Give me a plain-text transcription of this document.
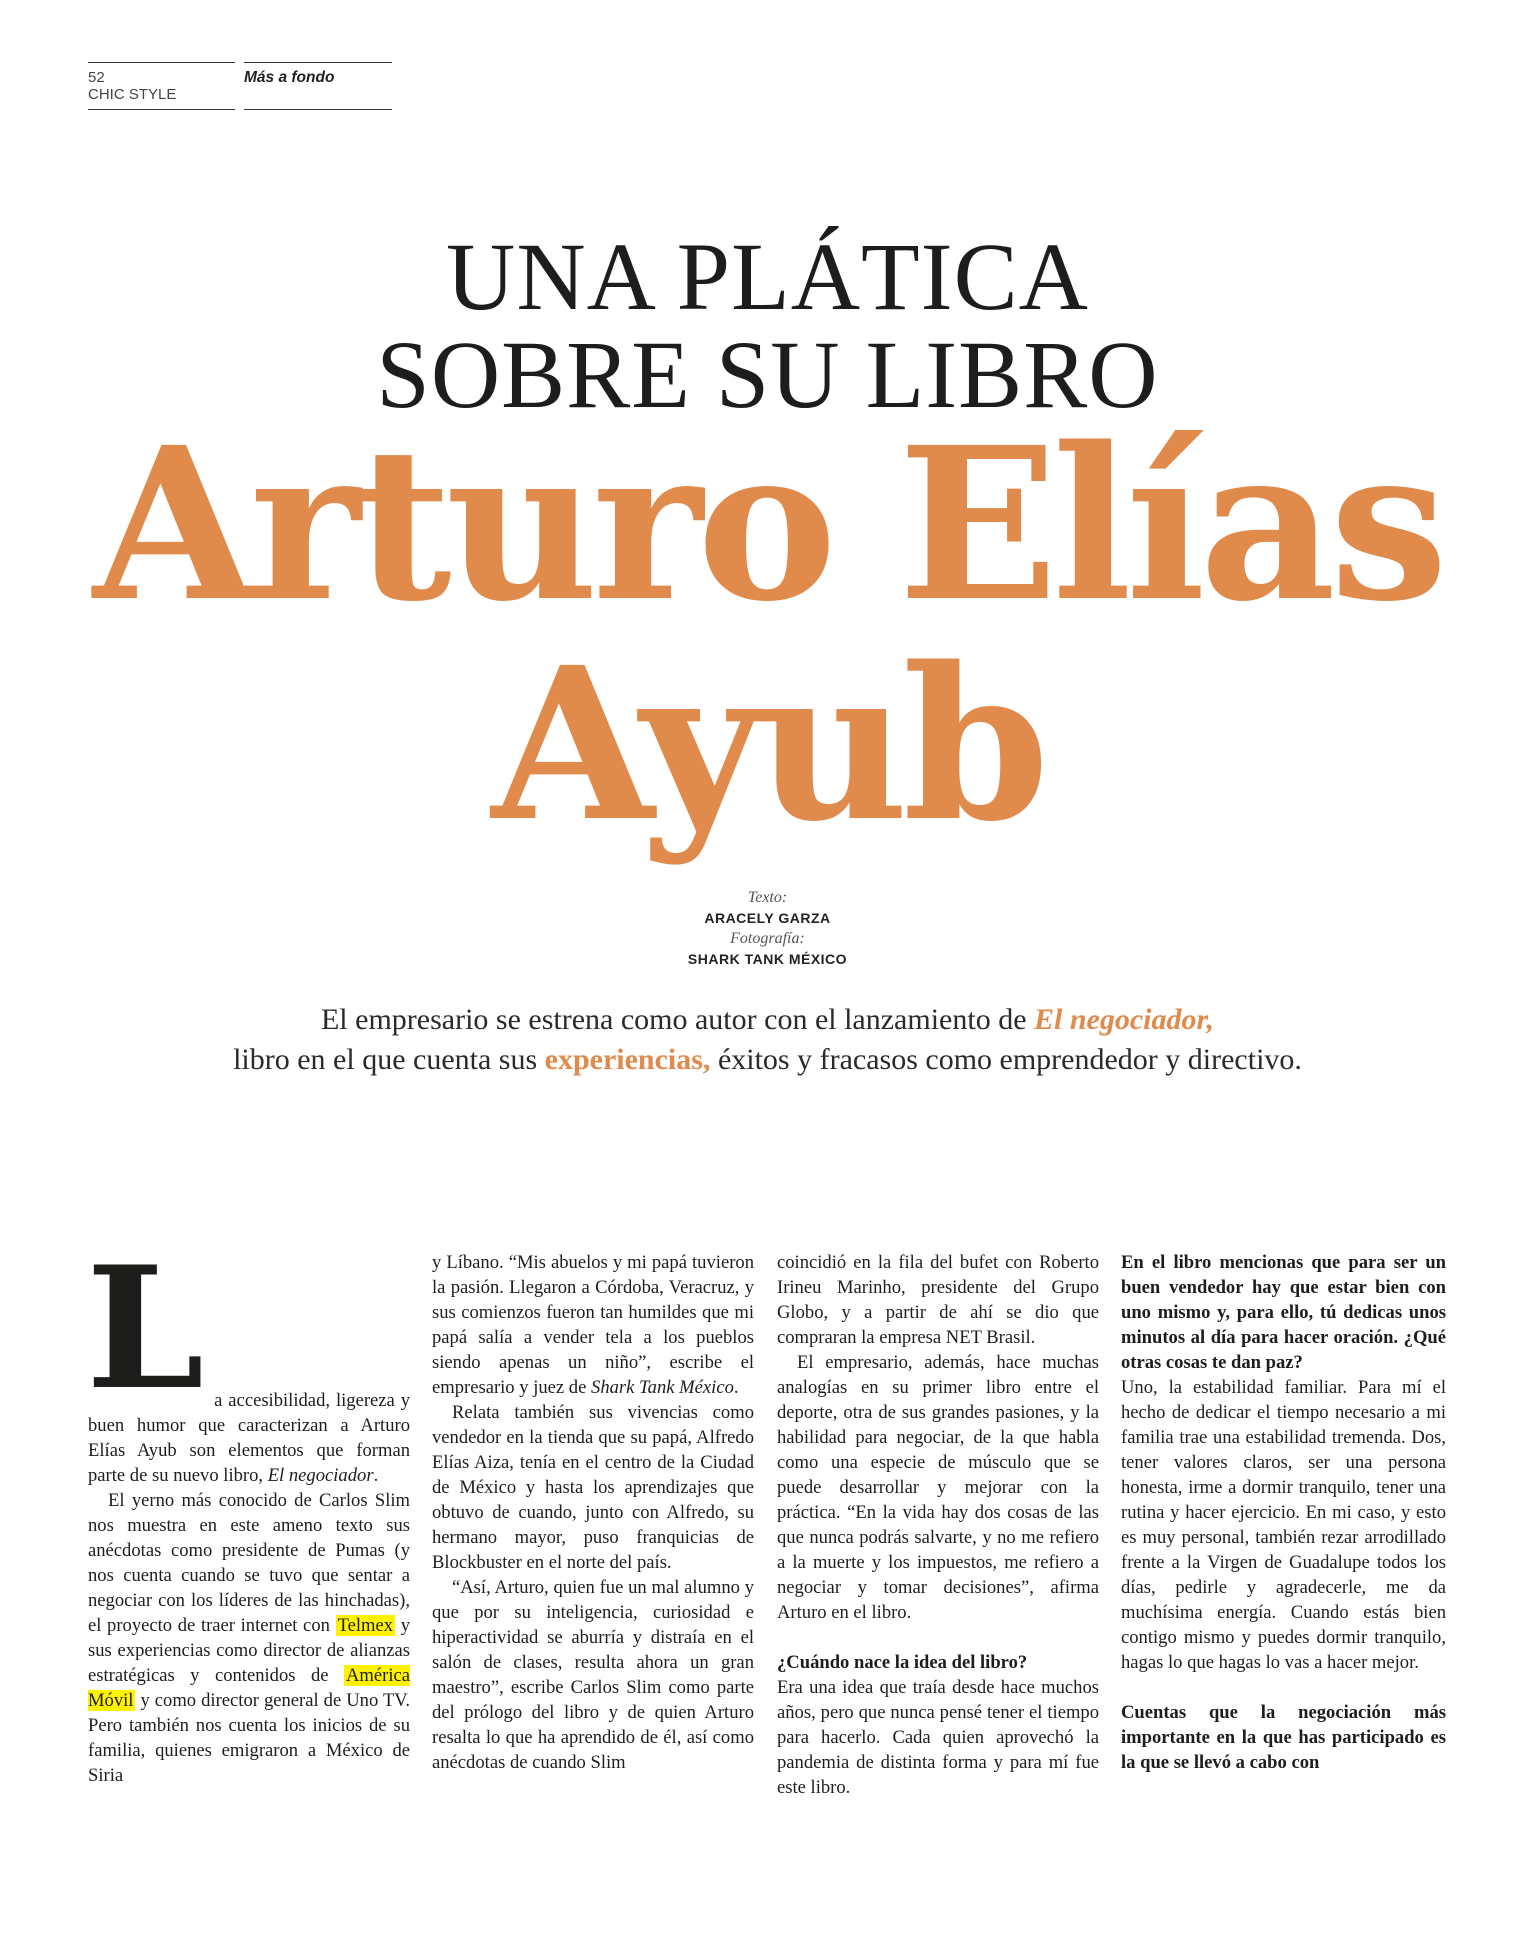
52
CHIC STYLE
Más a fondo
UNA PLÁTICA
SOBRE SU LIBRO
Arturo Elías
Ayub
Texto:
ARACELY GARZA
Fotografía:
SHARK TANK MÉXICO
El empresario se estrena como autor con el lanzamiento de El negociador,
libro en el que cuenta sus experiencias, éxitos y fracasos como emprendedor y directivo.
L a accesibilidad, ligereza y buen humor que caracterizan a Arturo Elías Ayub son elementos que forman parte de su nuevo libro, El negociador.

El yerno más conocido de Carlos Slim nos muestra en este ameno texto sus anécdotas como presidente de Pumas (y nos cuenta cuando se tuvo que sentar a negociar con los líderes de las hinchadas), el proyecto de traer internet con Telmex y sus experiencias como director de alianzas estratégicas y contenidos de América Móvil y como director general de Uno TV. Pero también nos cuenta los inicios de su familia, quienes emigraron a México de Siria

y Líbano. “Mis abuelos y mi papá tuvieron la pasión. Llegaron a Córdoba, Veracruz, y sus comienzos fueron tan humildes que mi papá salía a vender tela a los pueblos siendo apenas un niño”, escribe el empresario y juez de Shark Tank México.

Relata también sus vivencias como vendedor en la tienda que su papá, Alfredo Elías Aiza, tenía en el centro de la Ciudad de México y hasta los aprendizajes que obtuvo de cuando, junto con Alfredo, su hermano mayor, puso franquicias de Blockbuster en el norte del país.

“Así, Arturo, quien fue un mal alumno y que por su inteligencia, curiosidad e hiperactividad se aburría y distraía en el salón de clases, resulta ahora un gran maestro”, escribe Carlos Slim como parte del prólogo del libro y de quien Arturo resalta lo que ha aprendido de él, así como anécdotas de cuando Slim

coincidió en la fila del bufet con Roberto Irineu Marinho, presidente del Grupo Globo, y a partir de ahí se dio que compraran la empresa NET Brasil.

El empresario, además, hace muchas analogías en su primer libro entre el deporte, otra de sus grandes pasiones, y la habilidad para negociar, de la que habla como una especie de músculo que se puede desarrollar y mejorar con la práctica. “En la vida hay dos cosas de las que nunca podrás salvarte, y no me refiero a la muerte y los impuestos, me refiero a negociar y tomar decisiones”, afirma Arturo en el libro.

¿Cuándo nace la idea del libro?

Era una idea que traía desde hace muchos años, pero que nunca pensé tener el tiempo para hacerlo. Cada quien aprovechó la pandemia de distinta forma y para mí fue este libro.

En el libro mencionas que para ser un buen vendedor hay que estar bien con uno mismo y, para ello, tú dedicas unos minutos al día para hacer oración. ¿Qué otras cosas te dan paz?

Uno, la estabilidad familiar. Para mí el hecho de dedicar el tiempo necesario a mi familia trae una estabilidad tremenda. Dos, tener valores claros, ser una persona honesta, irme a dormir tranquilo, tener una rutina y hacer ejercicio. En mi caso, y esto es muy personal, también rezar arrodillado frente a la Virgen de Guadalupe todos los días, pedirle y agradecerle, me da muchísima energía. Cuando estás bien contigo mismo y puedes dormir tranquilo, hagas lo que hagas lo vas a hacer mejor.

Cuentas que la negociación más importante en la que has participado es la que se llevó a cabo con
